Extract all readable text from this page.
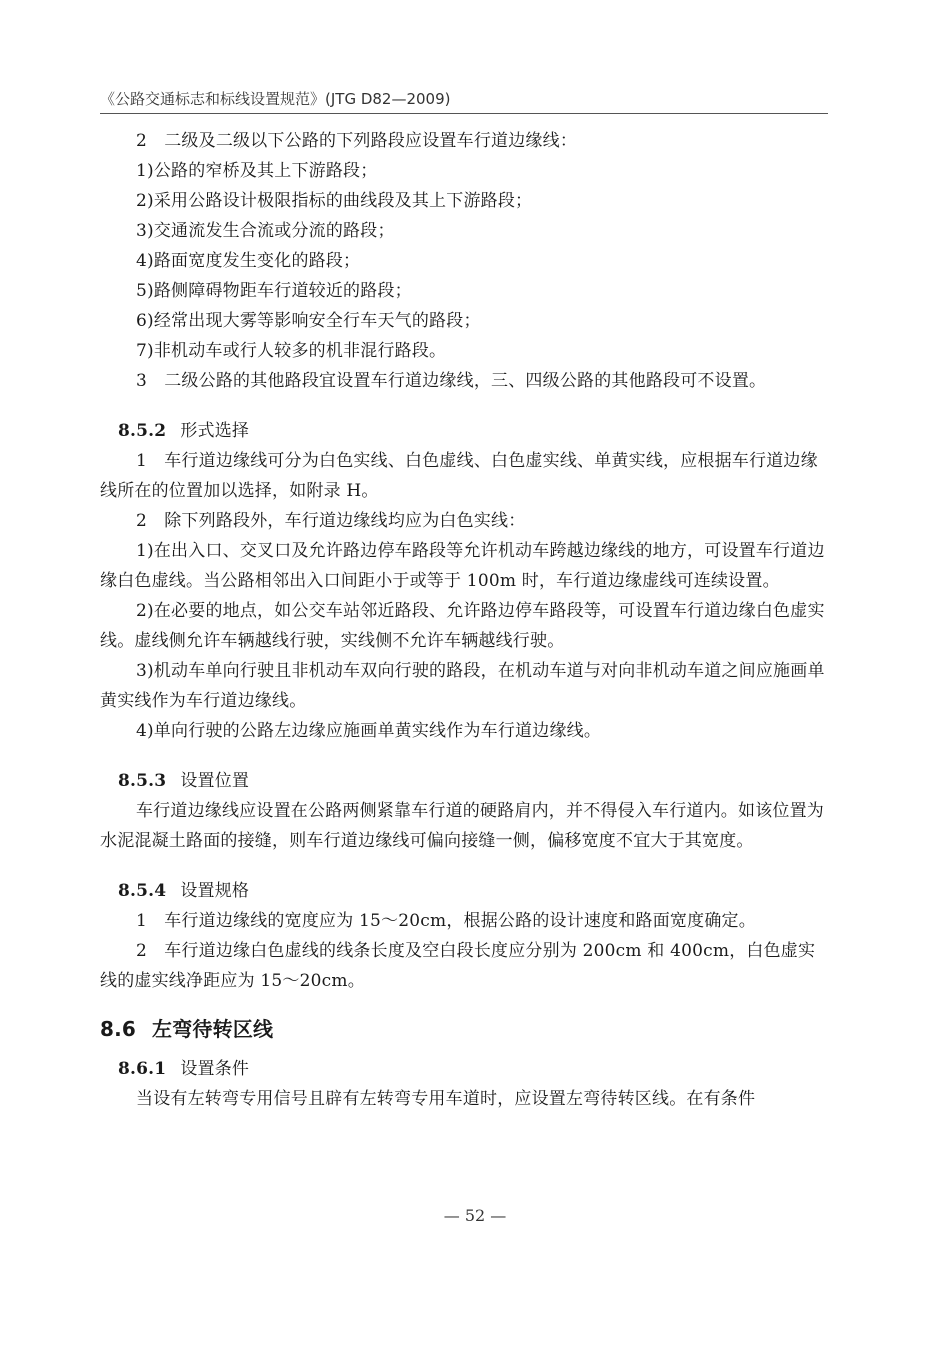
《公路交通标志和标线设置规范》(JTG D82—2009)

2　二级及二级以下公路的下列路段应设置车行道边缘线：

1)公路的窄桥及其上下游路段；

2)采用公路设计极限指标的曲线段及其上下游路段；

3)交通流发生合流或分流的路段；

4)路面宽度发生变化的路段；

5)路侧障碍物距车行道较近的路段；

6)经常出现大雾等影响安全行车天气的路段；

7)非机动车或行人较多的机非混行路段。

3　二级公路的其他路段宜设置车行道边缘线，三、四级公路的其他路段可不设置。

8.5.2 形式选择

1　车行道边缘线可分为白色实线、白色虚线、白色虚实线、单黄实线，应根据车行道边缘线所在的位置加以选择，如附录 H。

2　除下列路段外，车行道边缘线均应为白色实线：

1)在出入口、交叉口及允许路边停车路段等允许机动车跨越边缘线的地方，可设置车行道边缘白色虚线。当公路相邻出入口间距小于或等于 100m 时，车行道边缘虚线可连续设置。

2)在必要的地点，如公交车站邻近路段、允许路边停车路段等，可设置车行道边缘白色虚实线。虚线侧允许车辆越线行驶，实线侧不允许车辆越线行驶。

3)机动车单向行驶且非机动车双向行驶的路段，在机动车道与对向非机动车道之间应施画单黄实线作为车行道边缘线。

4)单向行驶的公路左边缘应施画单黄实线作为车行道边缘线。

8.5.3 设置位置

车行道边缘线应设置在公路两侧紧靠车行道的硬路肩内，并不得侵入车行道内。如该位置为水泥混凝土路面的接缝，则车行道边缘线可偏向接缝一侧，偏移宽度不宜大于其宽度。

8.5.4 设置规格

1　车行道边缘线的宽度应为 15～20cm，根据公路的设计速度和路面宽度确定。

2　车行道边缘白色虚线的线条长度及空白段长度应分别为 200cm 和 400cm，白色虚实线的虚实线净距应为 15～20cm。

8.6 左弯待转区线
8.6.1 设置条件

当设有左转弯专用信号且辟有左转弯专用车道时，应设置左弯待转区线。在有条件

— 52 —
